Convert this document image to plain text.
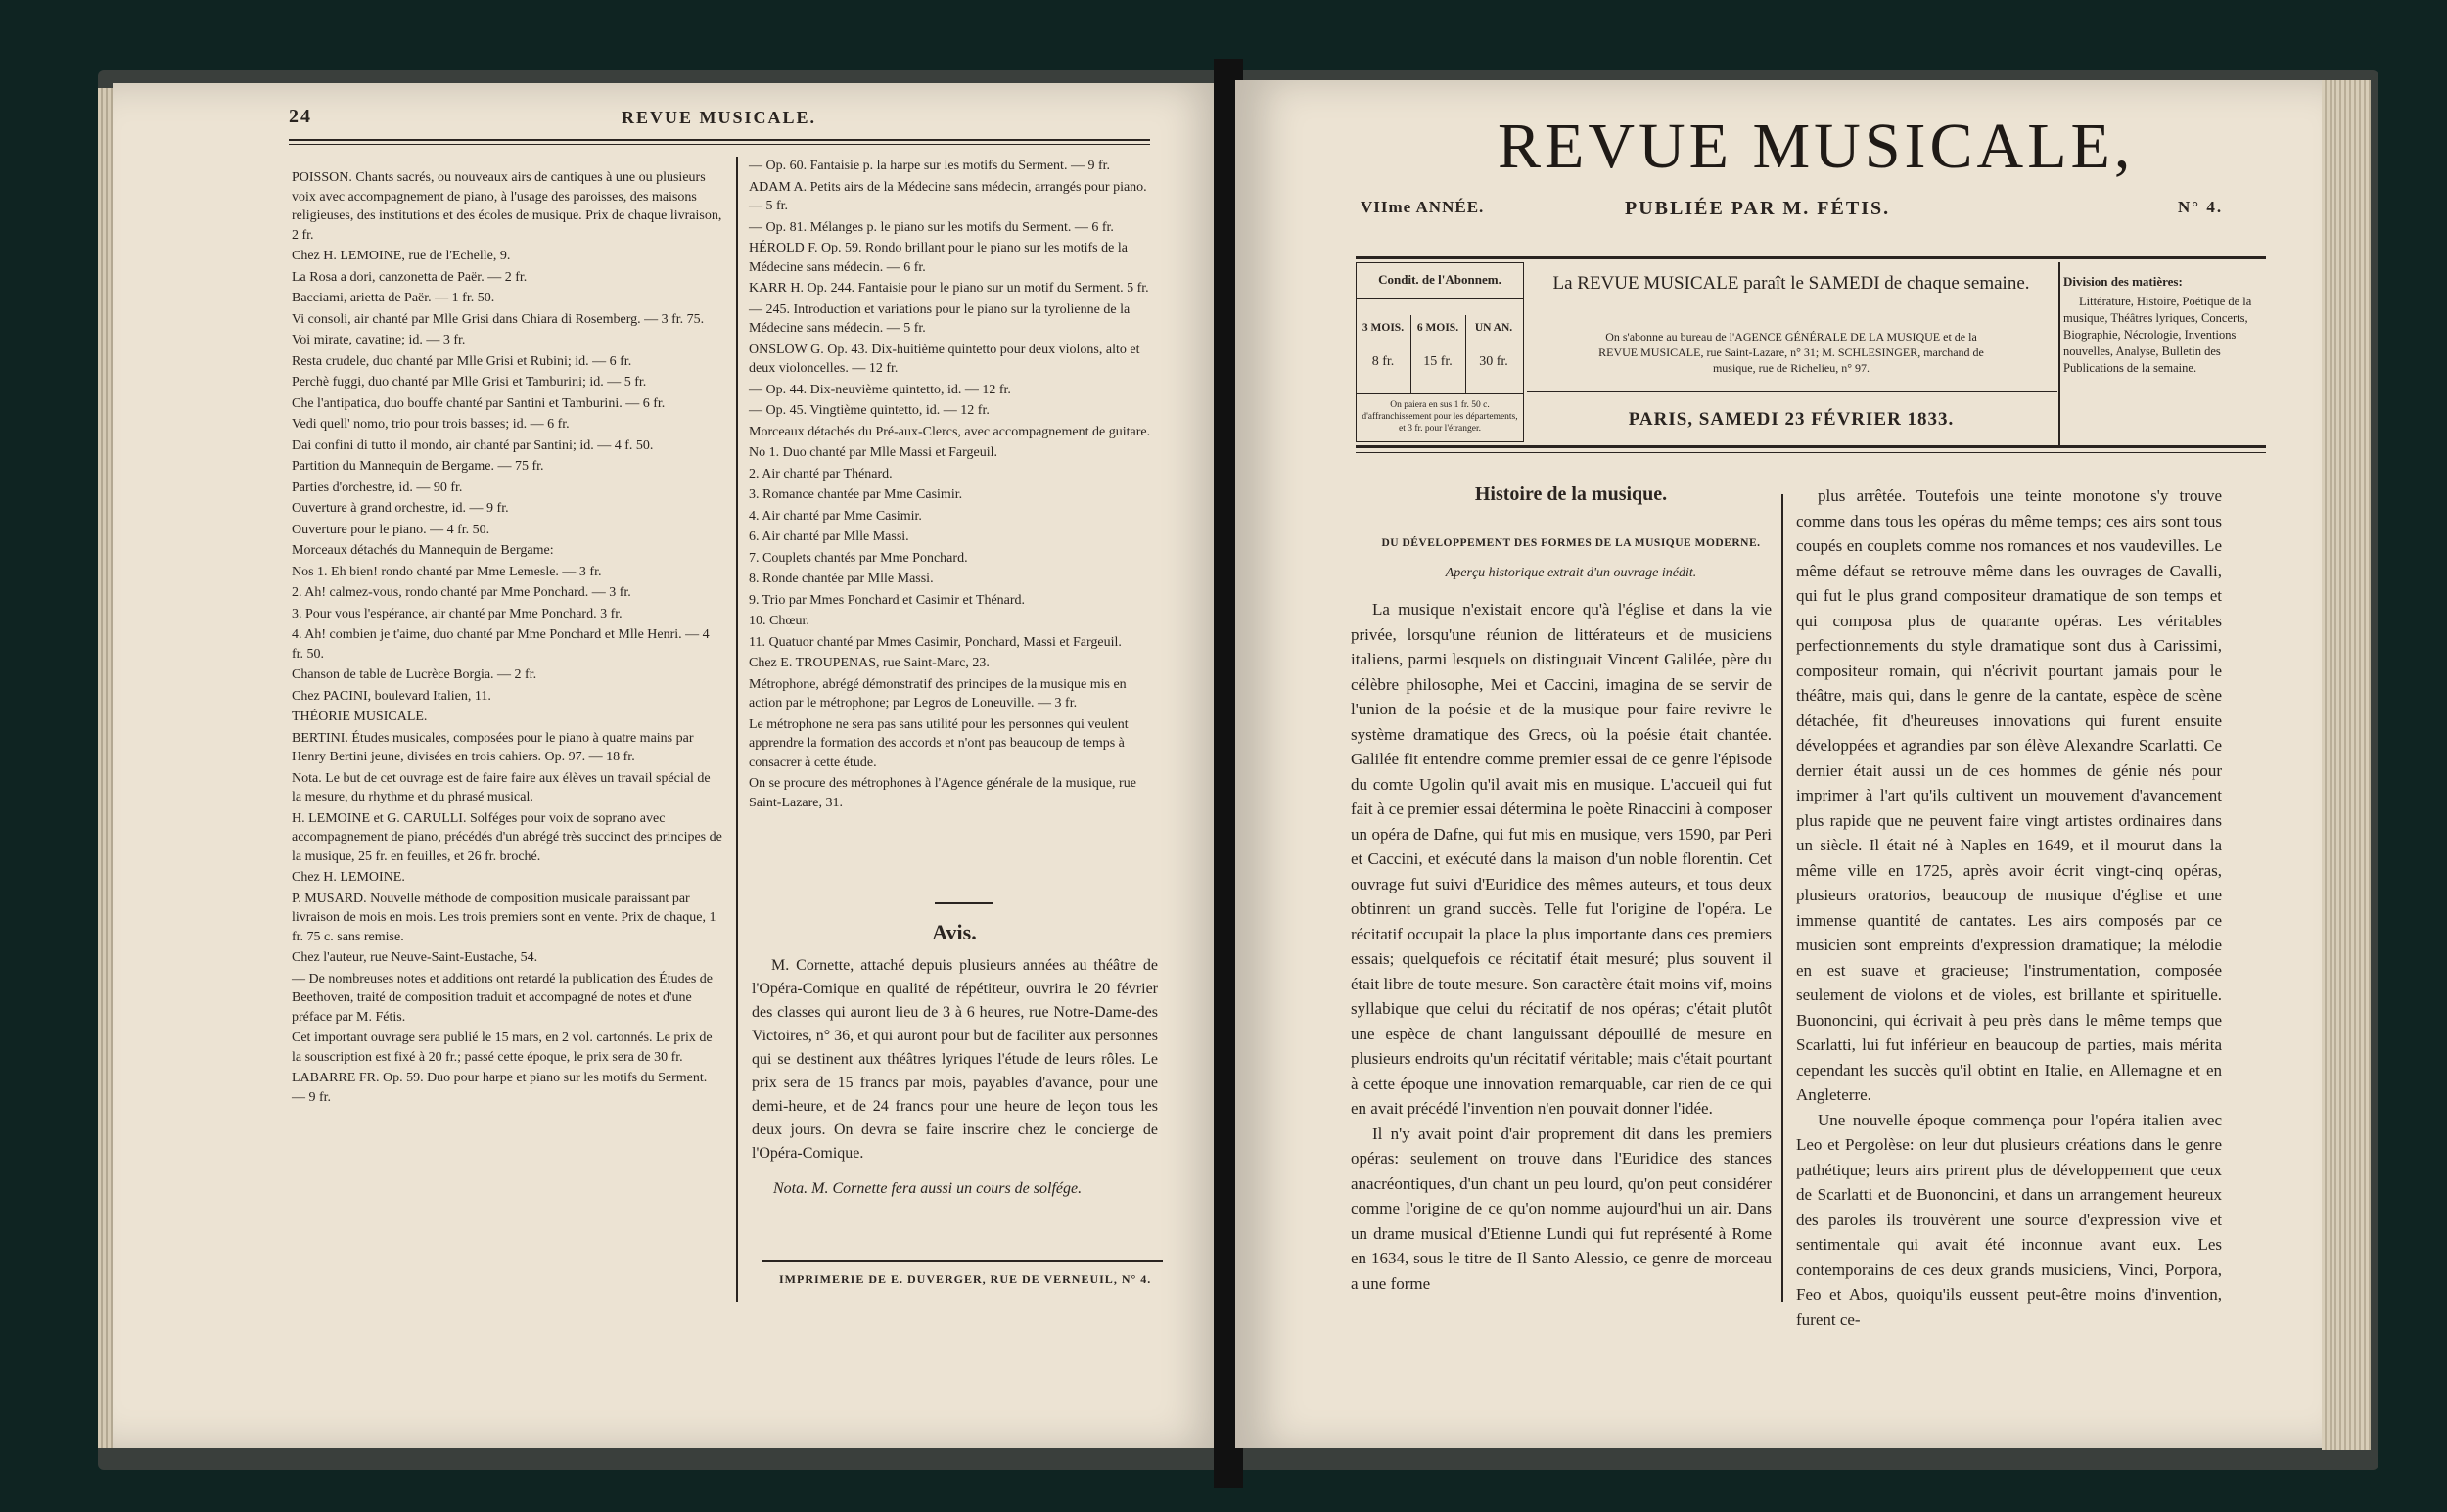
24	REVUE MUSICALE.

POISSON. Chants sacrés, ou nouveaux airs de cantiques à une ou plusieurs voix avec accompagnement de piano, à l'usage des paroisses, des maisons religieuses, des institutions et des écoles de musique. Prix de chaque livraison, 2 fr.

Chez H. LEMOINE, rue de l'Echelle, 9.

La Rosa a dori, canzonetta de Paër. — 2 fr.

Bacciami, arietta de Paër. — 1 fr. 50.

Vi consoli, air chanté par Mlle Grisi dans Chiara di Rosemberg. — 3 fr. 75.

Voi mirate, cavatine; id. — 3 fr.

Resta crudele, duo chanté par Mlle Grisi et Rubini; id. — 6 fr.

Perchè fuggi, duo chanté par Mlle Grisi et Tamburini; id. — 5 fr.

Che l'antipatica, duo bouffe chanté par Santini et Tamburini. — 6 fr.

Vedi quell' nomo, trio pour trois basses; id. — 6 fr.

Dai confini di tutto il mondo, air chanté par Santini; id. — 4 f. 50.

Partition du Mannequin de Bergame. — 75 fr.

Parties d'orchestre, id. — 90 fr.

Ouverture à grand orchestre, id. — 9 fr.

Ouverture pour le piano. — 4 fr. 50.

Morceaux détachés du Mannequin de Bergame:

Nos 1. Eh bien! rondo chanté par Mme Lemesle. — 3 fr.

2. Ah! calmez-vous, rondo chanté par Mme Ponchard. — 3 fr.

3. Pour vous l'espérance, air chanté par Mme Ponchard. 3 fr.

4. Ah! combien je t'aime, duo chanté par Mme Ponchard et Mlle Henri. — 4 fr. 50.

Chanson de table de Lucrèce Borgia. — 2 fr.

Chez PACINI, boulevard Italien, 11.

THÉORIE MUSICALE.

BERTINI. Études musicales, composées pour le piano à quatre mains par Henry Bertini jeune, divisées en trois cahiers. Op. 97. — 18 fr.

Nota. Le but de cet ouvrage est de faire faire aux élèves un travail spécial de la mesure, du rhythme et du phrasé musical.

H. LEMOINE et G. CARULLI. Solféges pour voix de soprano avec accompagnement de piano, précédés d'un abrégé très succinct des principes de la musique, 25 fr. en feuilles, et 26 fr. broché.

Chez H. LEMOINE.

P. MUSARD. Nouvelle méthode de composition musicale paraissant par livraison de mois en mois. Les trois premiers sont en vente. Prix de chaque, 1 fr. 75 c. sans remise.

Chez l'auteur, rue Neuve-Saint-Eustache, 54.

— De nombreuses notes et additions ont retardé la publication des Études de Beethoven, traité de composition traduit et accompagné de notes et d'une préface par M. Fétis.

Cet important ouvrage sera publié le 15 mars, en 2 vol. cartonnés. Le prix de la souscription est fixé à 20 fr.; passé cette époque, le prix sera de 30 fr.

LABARRE FR. Op. 59. Duo pour harpe et piano sur les motifs du Serment. — 9 fr.

— Op. 60. Fantaisie p. la harpe sur les motifs du Serment. — 9 fr.

ADAM A. Petits airs de la Médecine sans médecin, arrangés pour piano. — 5 fr.

— Op. 81. Mélanges p. le piano sur les motifs du Serment. — 6 fr.

HÉROLD F. Op. 59. Rondo brillant pour le piano sur les motifs de la Médecine sans médecin. — 6 fr.

KARR H. Op. 244. Fantaisie pour le piano sur un motif du Serment. 5 fr.

— 245. Introduction et variations pour le piano sur la tyrolienne de la Médecine sans médecin. — 5 fr.

ONSLOW G. Op. 43. Dix-huitième quintetto pour deux violons, alto et deux violoncelles. — 12 fr.

— Op. 44. Dix-neuvième quintetto, id. — 12 fr.

— Op. 45. Vingtième quintetto, id. — 12 fr.

Morceaux détachés du Pré-aux-Clercs, avec accompagnement de guitare.

No 1. Duo chanté par Mlle Massi et Fargeuil.

2. Air chanté par Thénard.

3. Romance chantée par Mme Casimir.

4. Air chanté par Mme Casimir.

6. Air chanté par Mlle Massi.

7. Couplets chantés par Mme Ponchard.

8. Ronde chantée par Mlle Massi.

9. Trio par Mmes Ponchard et Casimir et Thénard.

10. Chœur.

11. Quatuor chanté par Mmes Casimir, Ponchard, Massi et Fargeuil.

Chez E. TROUPENAS, rue Saint-Marc, 23.

Métrophone, abrégé démonstratif des principes de la musique mis en action par le métrophone; par Legros de Loneuville. — 3 fr.

Le métrophone ne sera pas sans utilité pour les personnes qui veulent apprendre la formation des accords et n'ont pas beaucoup de temps à consacrer à cette étude.

On se procure des métrophones à l'Agence générale de la musique, rue Saint-Lazare, 31.

Avis.
M. Cornette, attaché depuis plusieurs années au théâtre de l'Opéra-Comique en qualité de répétiteur, ouvrira le 20 février des classes qui auront lieu de 3 à 6 heures, rue Notre-Dame-des Victoires, n° 36, et qui auront pour but de faciliter aux personnes qui se destinent aux théâtres lyriques l'étude de leurs rôles. Le prix sera de 15 francs par mois, payables d'avance, pour une demi-heure, et de 24 francs pour une heure de leçon tous les deux jours. On devra se faire inscrire chez le concierge de l'Opéra-Comique.
Nota. M. Cornette fera aussi un cours de solfége.
IMPRIMERIE DE E. DUVERGER, RUE DE VERNEUIL, N° 4.
REVUE MUSICALE,
VIIme ANNÉE.	PUBLIÉE PAR M. FÉTIS.	N° 4.
Condit. de l'Abonnem.
3 MOIS.	6 MOIS.	UN AN.
8 fr.	15 fr.	30 fr.
On paiera en sus 1 fr. 50 c. d'affranchissement pour les départements, et 3 fr. pour l'étranger.
La REVUE MUSICALE paraît le SAMEDI de chaque semaine.
On s'abonne au bureau de l'AGENCE GÉNÉRALE DE LA MUSIQUE et de la REVUE MUSICALE, rue Saint-Lazare, n° 31; M. SCHLESINGER, marchand de musique, rue de Richelieu, n° 97.
PARIS, SAMEDI 23 FÉVRIER 1833.
Division des matières:
Littérature, Histoire, Poétique de la musique, Théâtres lyriques, Concerts, Biographie, Nécrologie, Inventions nouvelles, Analyse, Bulletin des Publications de la semaine.
Histoire de la musique.
DU DÉVELOPPEMENT DES FORMES DE LA MUSIQUE MODERNE.
Aperçu historique extrait d'un ouvrage inédit.

La musique n'existait encore qu'à l'église et dans la vie privée, lorsqu'une réunion de littérateurs et de musiciens italiens, parmi lesquels on distinguait Vincent Galilée, père du célèbre philosophe, Mei et Caccini, imagina de se servir de l'union de la poésie et de la musique pour faire revivre le système dramatique des Grecs, où la poésie était chantée. Galilée fit entendre comme premier essai de ce genre l'épisode du comte Ugolin qu'il avait mis en musique. L'accueil qui fut fait à ce premier essai détermina le poète Rinaccini à composer un opéra de Dafne, qui fut mis en musique, vers 1590, par Peri et Caccini, et exécuté dans la maison d'un noble florentin. Cet ouvrage fut suivi d'Euridice des mêmes auteurs, et tous deux obtinrent un grand succès. Telle fut l'origine de l'opéra. Le récitatif occupait la place la plus importante dans ces premiers essais; quelquefois ce récitatif était mesuré; plus souvent il était libre de toute mesure. Son caractère était moins vif, moins syllabique que celui du récitatif de nos opéras; c'était plutôt une espèce de chant languissant dépouillé de mesure en plusieurs endroits qu'un récitatif véritable; mais c'était pourtant à cette époque une innovation remarquable, car rien de ce qui en avait précédé l'invention n'en pouvait donner l'idée.

Il n'y avait point d'air proprement dit dans les premiers opéras: seulement on trouve dans l'Euridice des stances anacréontiques, d'un chant un peu lourd, qu'on peut considérer comme l'origine de ce qu'on nomme aujourd'hui un air. Dans un drame musical d'Etienne Lundi qui fut représenté à Rome en 1634, sous le titre de Il Santo Alessio, ce genre de morceau a une forme

plus arrêtée. Toutefois une teinte monotone s'y trouve comme dans tous les opéras du même temps; ces airs sont tous coupés en couplets comme nos romances et nos vaudevilles. Le même défaut se retrouve même dans les ouvrages de Cavalli, qui fut le plus grand compositeur dramatique de son temps et qui composa plus de quarante opéras. Les véritables perfectionnements du style dramatique sont dus à Carissimi, compositeur romain, qui n'écrivit pourtant jamais pour le théâtre, mais qui, dans le genre de la cantate, espèce de scène détachée, fit d'heureuses innovations qui furent ensuite développées et agrandies par son élève Alexandre Scarlatti. Ce dernier était aussi un de ces hommes de génie nés pour imprimer à l'art qu'ils cultivent un mouvement d'avancement plus rapide que ne peuvent faire vingt artistes ordinaires dans un siècle. Il était né à Naples en 1649, et il mourut dans la même ville en 1725, après avoir écrit vingt-cinq opéras, plusieurs oratorios, beaucoup de musique d'église et une immense quantité de cantates. Les airs composés par ce musicien sont empreints d'expression dramatique; la mélodie en est suave et gracieuse; l'instrumentation, composée seulement de violons et de violes, est brillante et spirituelle. Buononcini, qui écrivait à peu près dans le même temps que Scarlatti, lui fut inférieur en beaucoup de parties, mais mérita cependant les succès qu'il obtint en Italie, en Allemagne et en Angleterre.

Une nouvelle époque commença pour l'opéra italien avec Leo et Pergolèse: on leur dut plusieurs créations dans le genre pathétique; leurs airs prirent plus de développement que ceux de Scarlatti et de Buononcini, et dans un arrangement heureux des paroles ils trouvèrent une source d'expression vive et sentimentale qui avait été inconnue avant eux. Les contemporains de ces deux grands musiciens, Vinci, Porpora, Feo et Abos, quoiqu'ils eussent peut-être moins d'invention, furent ce-
